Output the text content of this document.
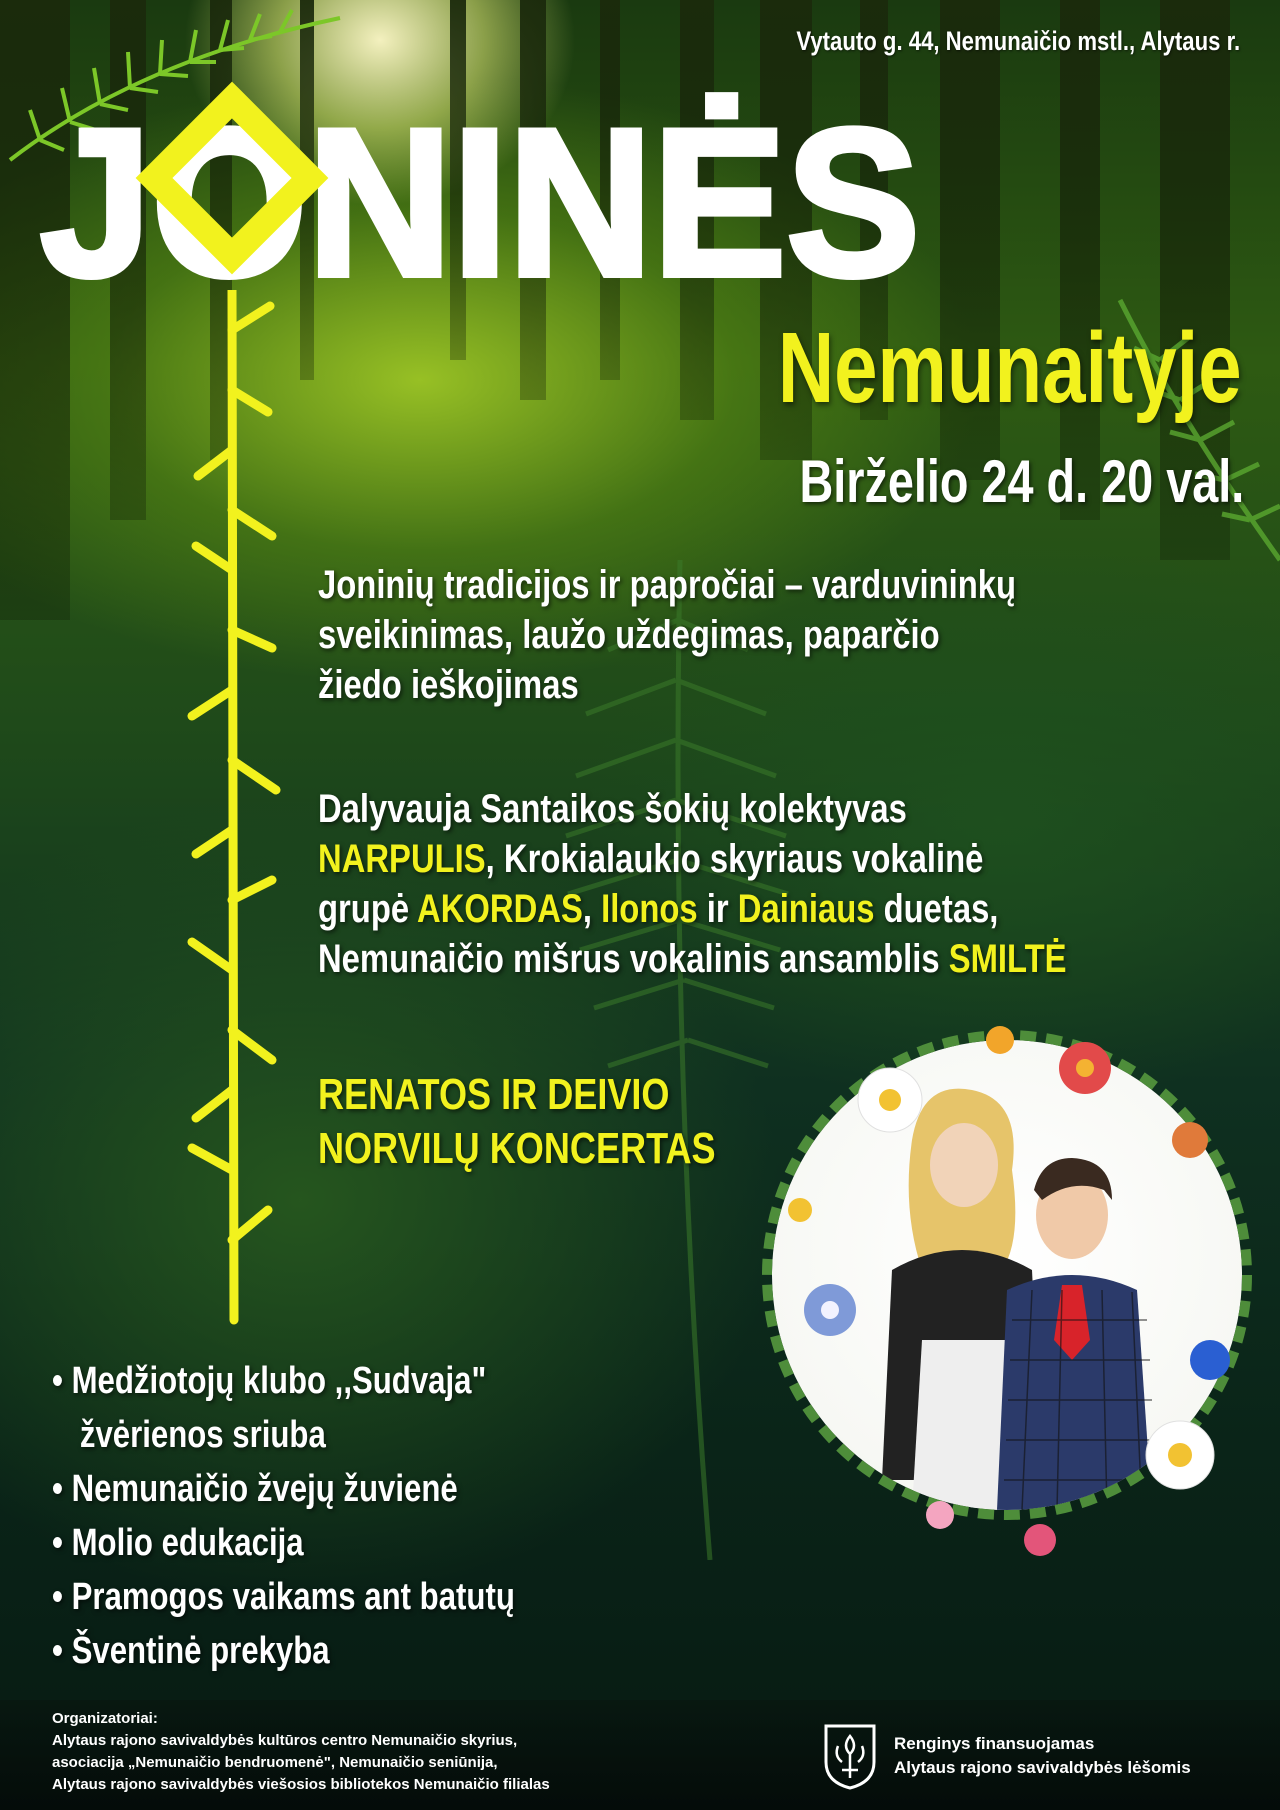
Vytauto g. 44, Nemunaičio mstl., Alytaus r.
JONINĖS
Nemunaityje
Birželio 24 d. 20 val.
Joninių tradicijos ir papročiai – varduvininkų
sveikinimas, laužo uždegimas, paparčio
žiedo ieškojimas
Dalyvauja Santaikos šokių kolektyvas
NARPULIS, Krokialaukio skyriaus vokalinė
grupė AKORDAS, Ilonos ir Dainiaus duetas,
Nemunaičio mišrus vokalinis ansamblis SMILTĖ
RENATOS IR DEIVIO
NORVILŲ KONCERTAS
• Medžiotojų klubo ,,Sudvaja"
žvėrienos sriuba
• Nemunaičio žvejų žuvienė
• Molio edukacija
• Pramogos vaikams ant batutų
• Šventinė prekyba
Organizatoriai:
Alytaus rajono savivaldybės kultūros centro Nemunaičio skyrius,
asociacija „Nemunaičio bendruomenė", Nemunaičio seniūnija,
Alytaus rajono savivaldybės viešosios bibliotekos Nemunaičio filialas
Renginys finansuojamas
Alytaus rajono savivaldybės lėšomis
